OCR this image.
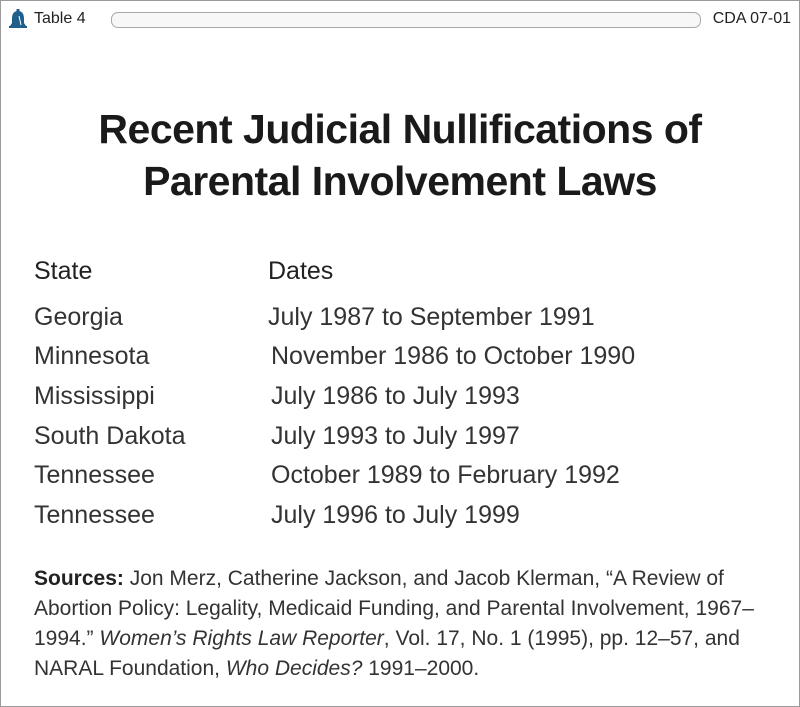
Table 4	CDA 07-01
Recent Judicial Nullifications of
Parental Involvement Laws
State	Dates
Georgia	July 1987 to September 1991
Minnesota	November 1986 to October 1990
Mississippi	July 1986 to July 1993
South Dakota	July 1993 to July 1997
Tennessee	October 1989 to February 1992
Tennessee	July 1996 to July 1999
Sources: Jon Merz, Catherine Jackson, and Jacob Klerman, “A Review of Abortion Policy: Legality, Medicaid Funding, and Parental Involvement, 1967–1994.” Women’s Rights Law Reporter, Vol. 17, No. 1 (1995), pp. 12–57, and NARAL Foundation, Who Decides? 1991–2000.
